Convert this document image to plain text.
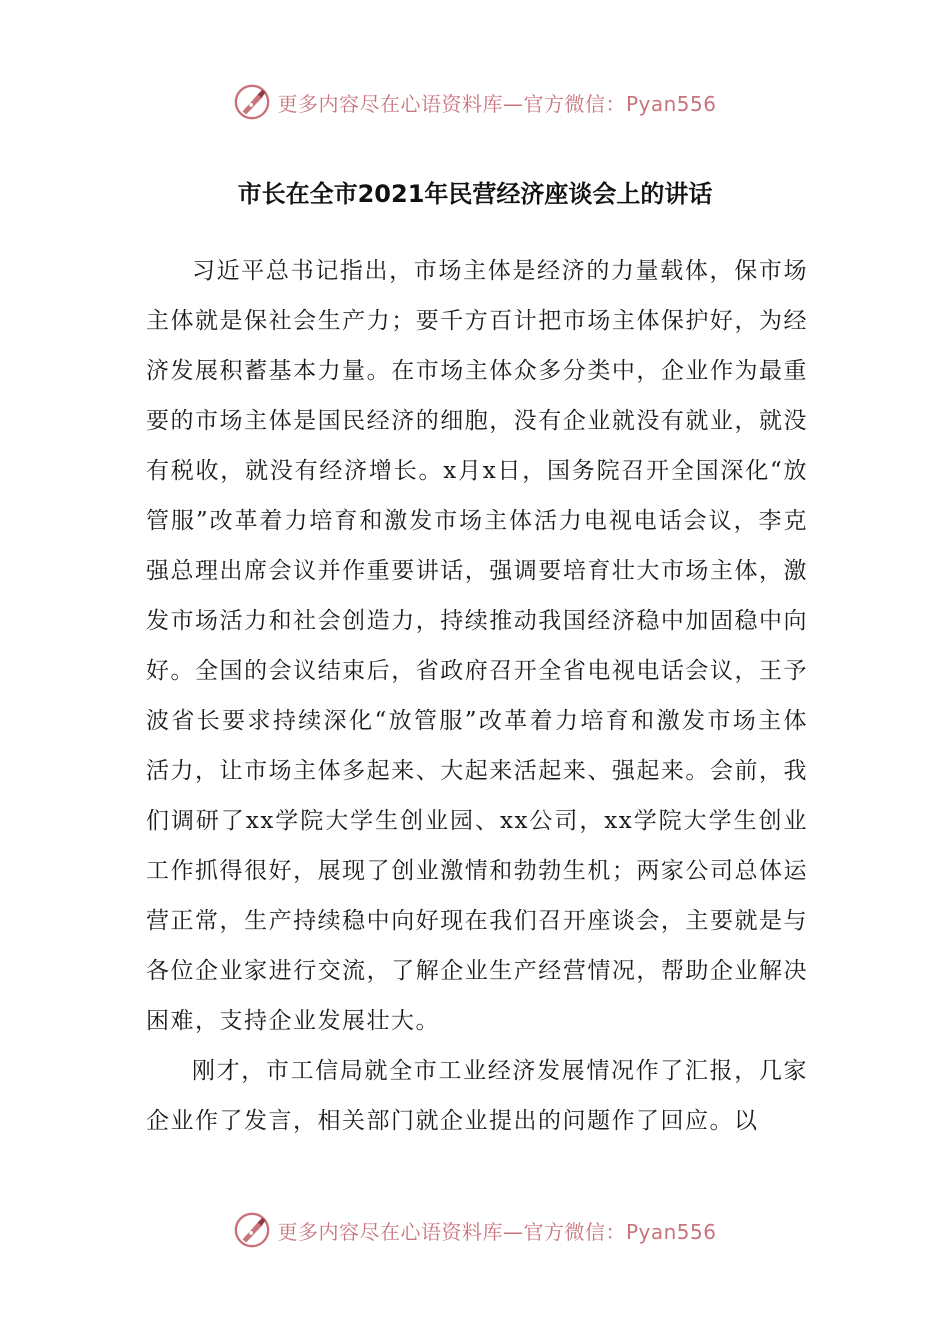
更多内容尽在心语资料库—官方微信：Pyan556
市长在全市2021年民营经济座谈会上的讲话

习近平总书记指出，市场主体是经济的力量载体，保市场主体就是保社会生产力；要千方百计把市场主体保护好，为经济发展积蓄基本力量。在市场主体众多分类中，企业作为最重要的市场主体是国民经济的细胞，没有企业就没有就业，就没有税收，就没有经济增长。x月x日，国务院召开全国深化“放管服”改革着力培育和激发市场主体活力电视电话会议，李克强总理出席会议并作重要讲话，强调要培育壮大市场主体，激发市场活力和社会创造力，持续推动我国经济稳中加固稳中向好。全国的会议结束后，省政府召开全省电视电话会议，王予波省长要求持续深化“放管服”改革着力培育和激发市场主体活力，让市场主体多起来、大起来活起来、强起来。会前，我们调研了xx学院大学生创业园、xx公司，xx学院大学生创业工作抓得很好，展现了创业激情和勃勃生机；两家公司总体运营正常，生产持续稳中向好现在我们召开座谈会，主要就是与各位企业家进行交流，了解企业生产经营情况，帮助企业解决困难，支持企业发展壮大。

刚才，市工信局就全市工业经济发展情况作了汇报，几家企业作了发言，相关部门就企业提出的问题作了回应。以

更多内容尽在心语资料库—官方微信：Pyan556
